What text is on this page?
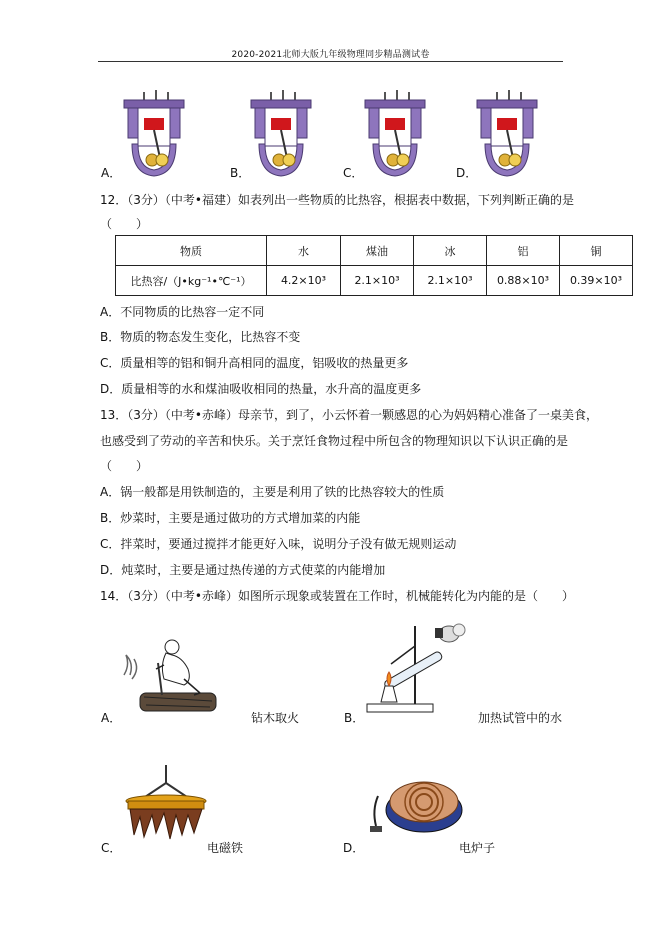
2020-2021北师大版九年级物理同步精品测试卷
A．	B．	C．	D．
12．（3分）（中考•福建）如表列出一些物质的比热容，根据表中数据，下列判断正确的是
（　　）
物质	水	煤油	冰	铝	铜
比热容/（J•kg⁻¹•℃⁻¹）	4.2×10³	2.1×10³	2.1×10³	0.88×10³	0.39×10³
A．不同物质的比热容一定不同
B．物质的物态发生变化，比热容不变
C．质量相等的铝和铜升高相同的温度，铝吸收的热量更多
D．质量相等的水和煤油吸收相同的热量，水升高的温度更多
13．（3分）（中考•赤峰）母亲节，到了，小云怀着一颗感恩的心为妈妈精心准备了一桌美食，
也感受到了劳动的辛苦和快乐。关于烹饪食物过程中所包含的物理知识以下认识正确的是
（　　）
A．锅一般都是用铁制造的，主要是利用了铁的比热容较大的性质
B．炒菜时，主要是通过做功的方式增加菜的内能
C．拌菜时，要通过搅拌才能更好入味，说明分子没有做无规则运动
D．炖菜时，主要是通过热传递的方式使菜的内能增加
14．（3分）（中考•赤峰）如图所示现象或装置在工作时，机械能转化为内能的是（　　）
A．	钻木取火	B．	加热试管中的水
C．	电磁铁	D．	电炉子
